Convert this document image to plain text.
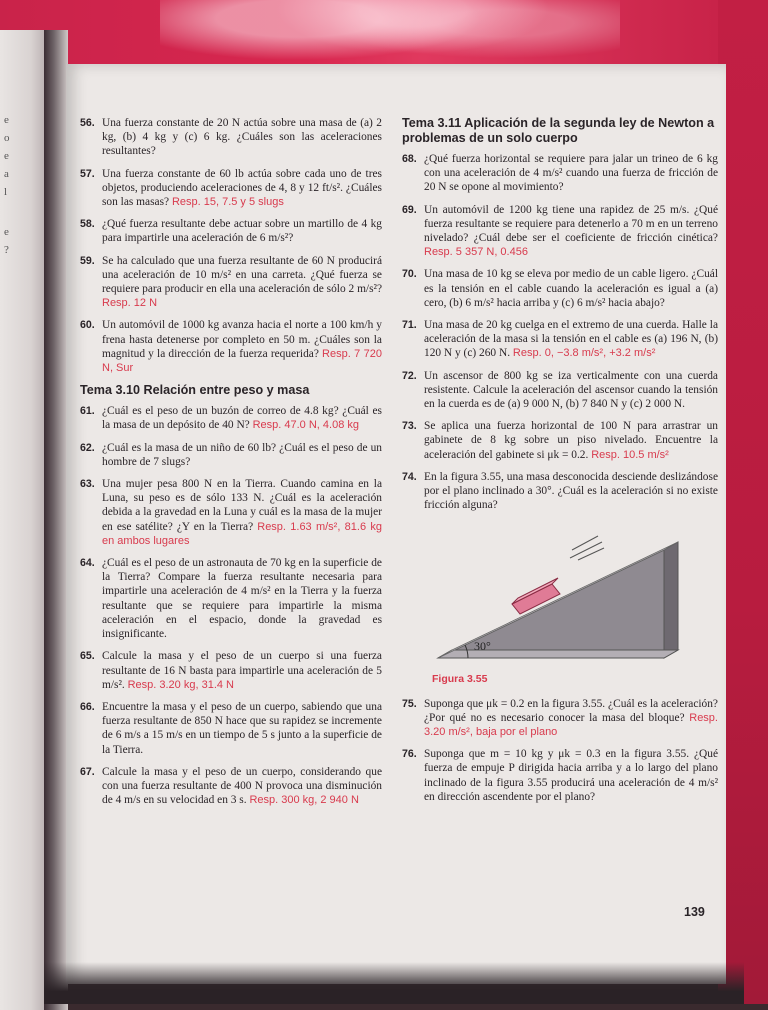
e
o
e
a
l
e
?
56. Una fuerza constante de 20 N actúa sobre una masa de (a) 2 kg, (b) 4 kg y (c) 6 kg. ¿Cuáles son las aceleraciones resultantes?
57. Una fuerza constante de 60 lb actúa sobre cada uno de tres objetos, produciendo aceleraciones de 4, 8 y 12 ft/s². ¿Cuáles son las masas? Resp. 15, 7.5 y 5 slugs
58. ¿Qué fuerza resultante debe actuar sobre un martillo de 4 kg para impartirle una aceleración de 6 m/s²?
59. Se ha calculado que una fuerza resultante de 60 N producirá una aceleración de 10 m/s² en una carreta. ¿Qué fuerza se requiere para producir en ella una aceleración de sólo 2 m/s²? Resp. 12 N
60. Un automóvil de 1000 kg avanza hacia el norte a 100 km/h y frena hasta detenerse por completo en 50 m. ¿Cuáles son la magnitud y la dirección de la fuerza requerida? Resp. 7 720 N, Sur
Tema 3.10 Relación entre peso y masa
61. ¿Cuál es el peso de un buzón de correo de 4.8 kg? ¿Cuál es la masa de un depósito de 40 N? Resp. 47.0 N, 4.08 kg
62. ¿Cuál es la masa de un niño de 60 lb? ¿Cuál es el peso de un hombre de 7 slugs?
63. Una mujer pesa 800 N en la Tierra. Cuando camina en la Luna, su peso es de sólo 133 N. ¿Cuál es la aceleración debida a la gravedad en la Luna y cuál es la masa de la mujer en ese satélite? ¿Y en la Tierra? Resp. 1.63 m/s², 81.6 kg en ambos lugares
64. ¿Cuál es el peso de un astronauta de 70 kg en la superficie de la Tierra? Compare la fuerza resultante necesaria para impartirle una aceleración de 4 m/s² en la Tierra y la fuerza resultante que se requiere para impartirle la misma aceleración en el espacio, donde la gravedad es insignificante.
65. Calcule la masa y el peso de un cuerpo si una fuerza resultante de 16 N basta para impartirle una aceleración de 5 m/s². Resp. 3.20 kg, 31.4 N
66. Encuentre la masa y el peso de un cuerpo, sabiendo que una fuerza resultante de 850 N hace que su rapidez se incremente de 6 m/s a 15 m/s en un tiempo de 5 s junto a la superficie de la Tierra.
67. Calcule la masa y el peso de un cuerpo, considerando que con una fuerza resultante de 400 N provoca una disminución de 4 m/s en su velocidad en 3 s. Resp. 300 kg, 2 940 N
Tema 3.11 Aplicación de la segunda ley de Newton a problemas de un solo cuerpo
68. ¿Qué fuerza horizontal se requiere para jalar un trineo de 6 kg con una aceleración de 4 m/s² cuando una fuerza de fricción de 20 N se opone al movimiento?
69. Un automóvil de 1200 kg tiene una rapidez de 25 m/s. ¿Qué fuerza resultante se requiere para detenerlo a 70 m en un terreno nivelado? ¿Cuál debe ser el coeficiente de fricción cinética? Resp. 5 357 N, 0.456
70. Una masa de 10 kg se eleva por medio de un cable ligero. ¿Cuál es la tensión en el cable cuando la aceleración es igual a (a) cero, (b) 6 m/s² hacia arriba y (c) 6 m/s² hacia abajo?
71. Una masa de 20 kg cuelga en el extremo de una cuerda. Halle la aceleración de la masa si la tensión en el cable es (a) 196 N, (b) 120 N y (c) 260 N. Resp. 0, −3.8 m/s², +3.2 m/s²
72. Un ascensor de 800 kg se iza verticalmente con una cuerda resistente. Calcule la aceleración del ascensor cuando la tensión en la cuerda es de (a) 9 000 N, (b) 7 840 N y (c) 2 000 N.
73. Se aplica una fuerza horizontal de 100 N para arrastrar un gabinete de 8 kg sobre un piso nivelado. Encuentre la aceleración del gabinete si μk = 0.2. Resp. 10.5 m/s²
74. En la figura 3.55, una masa desconocida desciende deslizándose por el plano inclinado a 30°. ¿Cuál es la aceleración si no existe fricción alguna?
30°
Figura 3.55
75. Suponga que μk = 0.2 en la figura 3.55. ¿Cuál es la aceleración? ¿Por qué no es necesario conocer la masa del bloque? Resp. 3.20 m/s², baja por el plano
76. Suponga que m = 10 kg y μk = 0.3 en la figura 3.55. ¿Qué fuerza de empuje P dirigida hacia arriba y a lo largo del plano inclinado de la figura 3.55 producirá una aceleración de 4 m/s² en dirección ascendente por el plano?
139
